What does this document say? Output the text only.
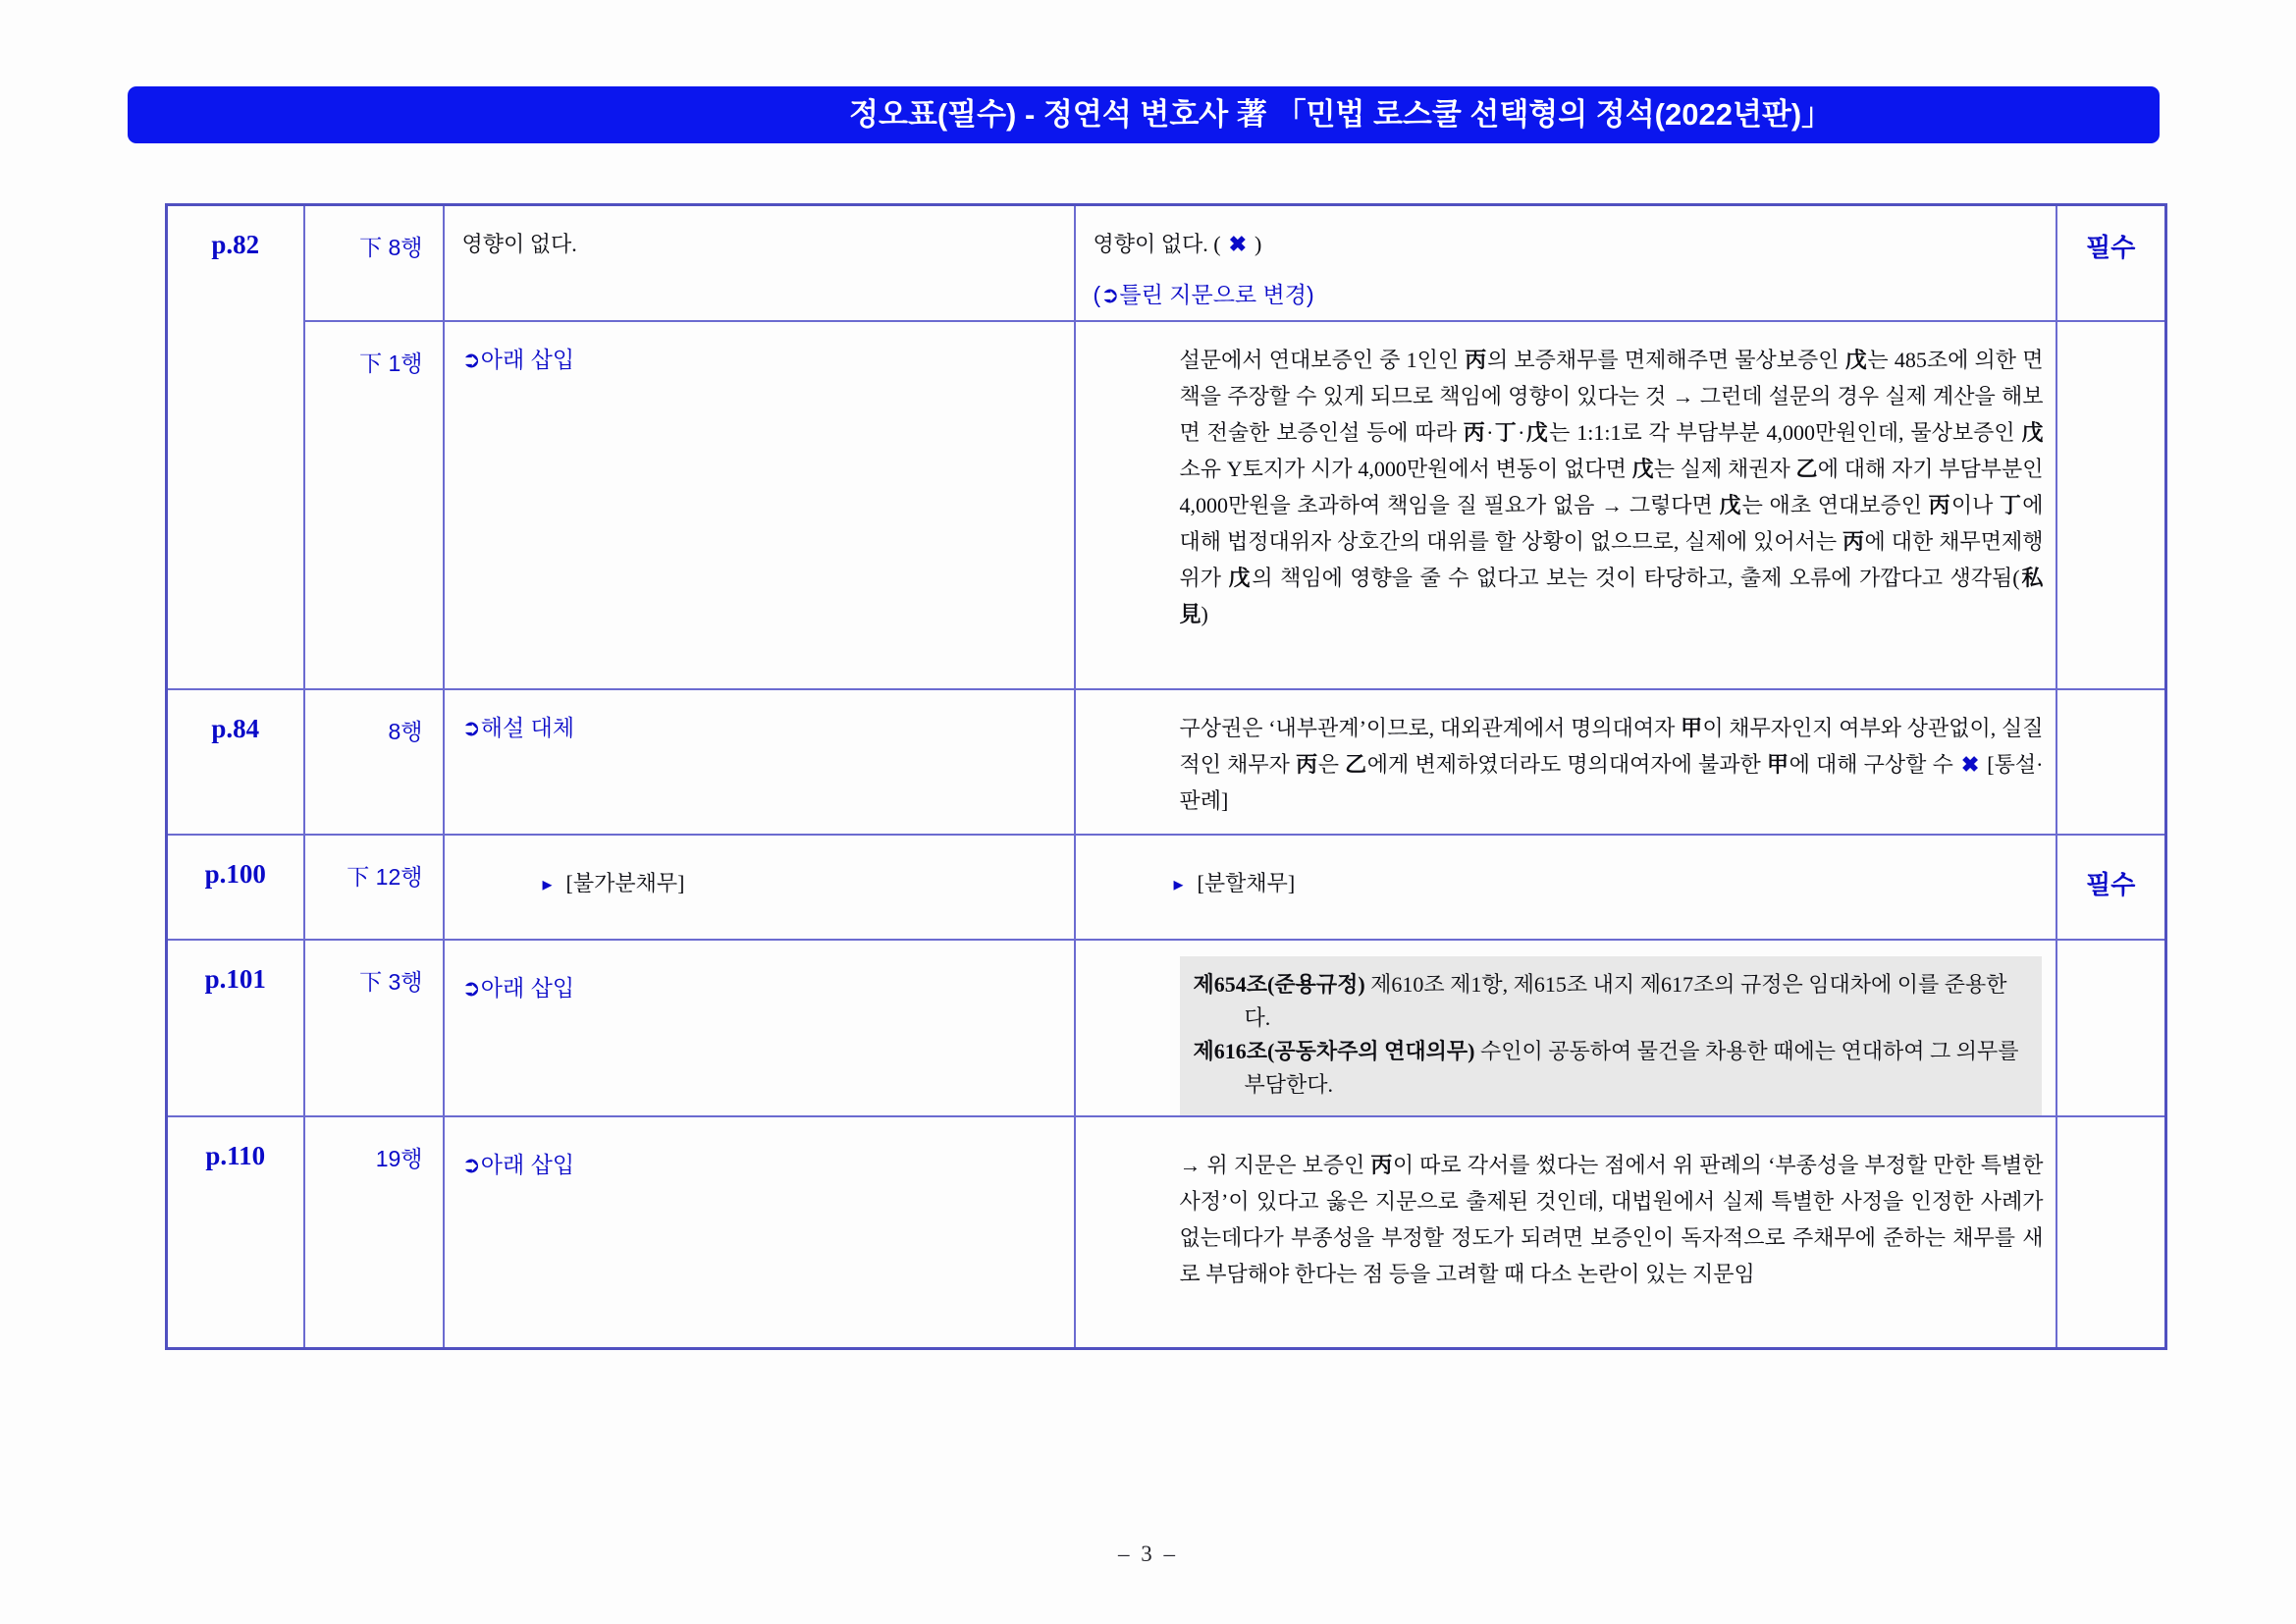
정오표(필수) - 정연석 변호사 著 「민법 로스쿨 선택형의 정석(2022년판)」
p.82	下 8행	영향이 없다.	영향이 없다. ( ✖ )
(➲틀린 지문으로 변경)	필수
	下 1행	➲아래 삽입	설문에서 연대보증인 중 1인인 丙의 보증채무를 면제해주면 물상보증인 戊는 485조에 의한 면책을 주장할 수 있게 되므로 책임에 영향이 있다는 것 → 그런데 설문의 경우 실제 계산을 해보면 전술한 보증인설 등에 따라 丙·丁·戊는 1:1:1로 각 부담부분 4,000만원인데, 물상보증인 戊 소유 Y토지가 시가 4,000만원에서 변동이 없다면 戊는 실제 채권자 乙에 대해 자기 부담부분인 4,000만원을 초과하여 책임을 질 필요가 없음 → 그렇다면 戊는 애초 연대보증인 丙이나 丁에 대해 법정대위자 상호간의 대위를 할 상황이 없으므로, 실제에 있어서는 丙에 대한 채무면제행위가 戊의 책임에 영향을 줄 수 없다고 보는 것이 타당하고, 출제 오류에 가깝다고 생각됨(私見)	

p.84	8행	➲해설 대체	구상권은 ‘내부관계’이므로, 대외관계에서 명의대여자 甲이 채무자인지 여부와 상관없이, 실질적인 채무자 丙은 乙에게 변제하였더라도 명의대여자에 불과한 甲에 대해 구상할 수 ✖ [통설·판례]	

p.100	下 12행	▸ [불가분채무]	▸ [분할채무]	필수
p.101	下 3행	➲아래 삽입	제654조(준용규정) 제610조 제1항, 제615조 내지 제617조의 규정은 임대차에 이를 준용한다.

제616조(공동차주의 연대의무) 수인이 공동하여 물건을 차용한 때에는 연대하여 그 의무를 부담한다.	

p.110	19행	➲아래 삽입	→ 위 지문은 보증인 丙이 따로 각서를 썼다는 점에서 위 판례의 ‘부종성을 부정할 만한 특별한 사정’이 있다고 옳은 지문으로 출제된 것인데, 대법원에서 실제 특별한 사정을 인정한 사례가 없는데다가 부종성을 부정할 정도가 되려면 보증인이 독자적으로 주채무에 준하는 채무를 새로 부담해야 한다는 점 등을 고려할 때 다소 논란이 있는 지문임	

– 3 –
